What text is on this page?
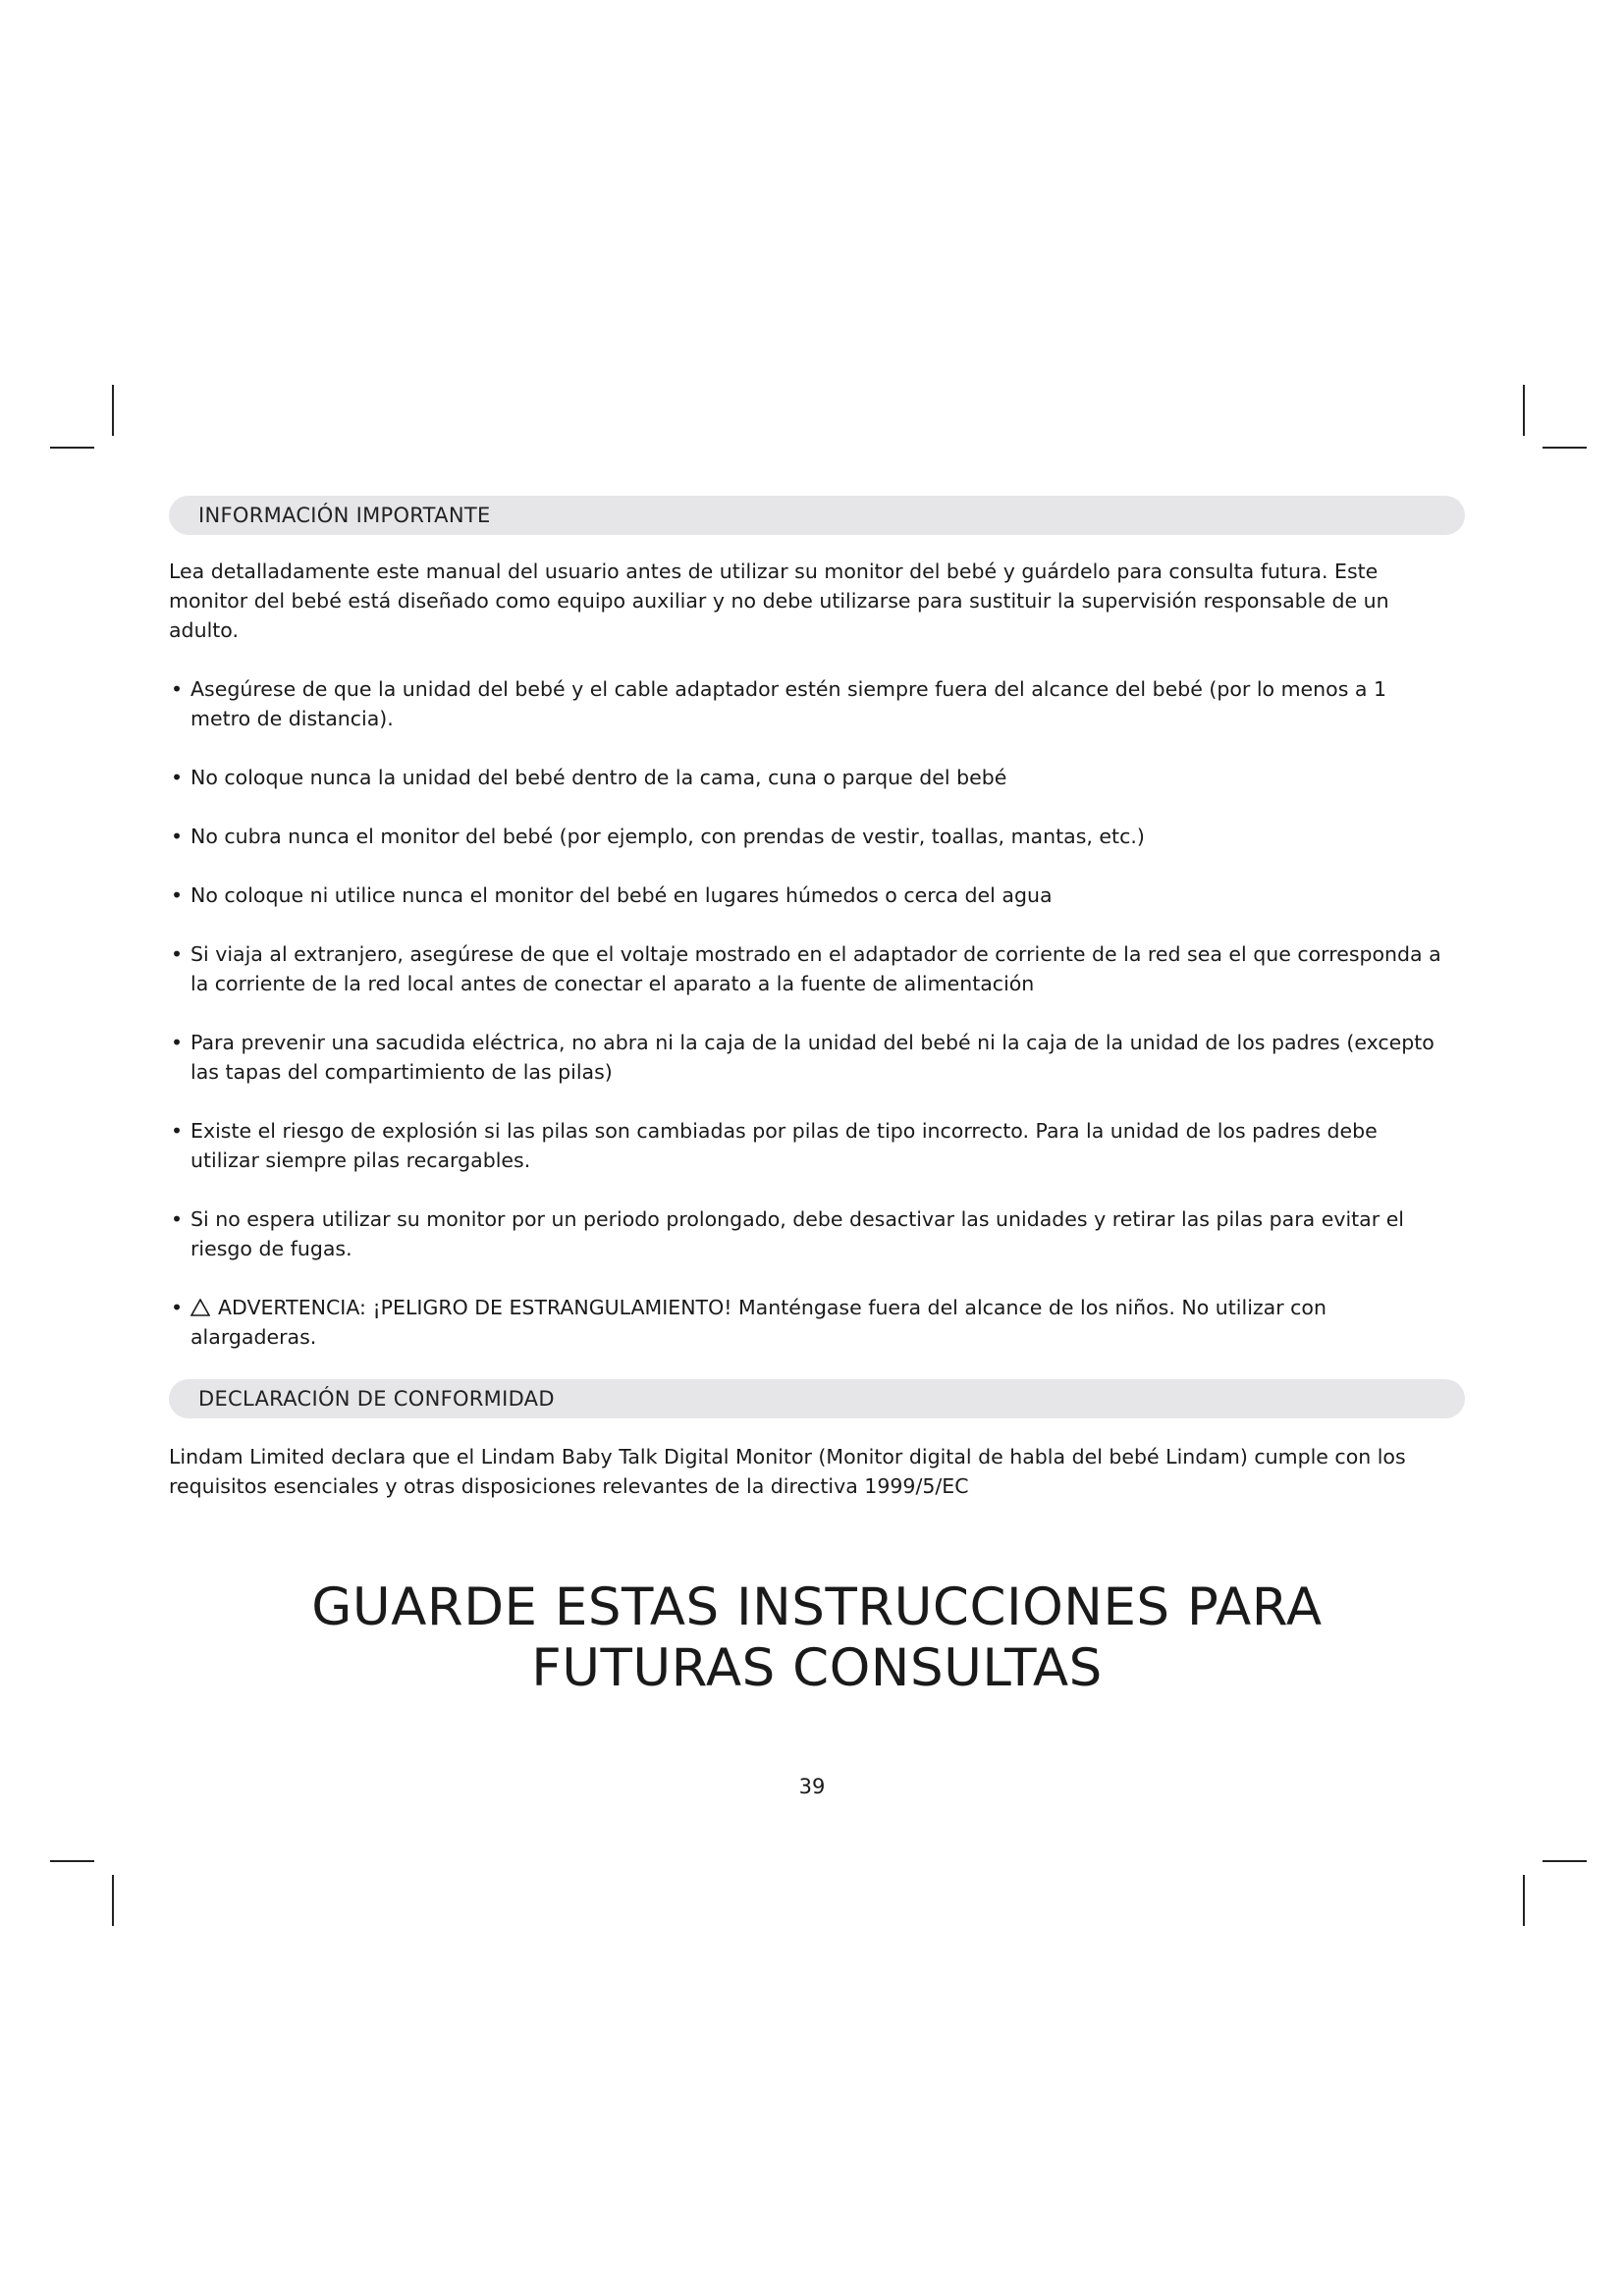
INFORMACIÓN IMPORTANTE

Lea detalladamente este manual del usuario antes de utilizar su monitor del bebé y guárdelo para consulta futura. Este monitor del bebé está diseñado como equipo auxiliar y no debe utilizarse para sustituir la supervisión responsable de un adulto.

• Asegúrese de que la unidad del bebé y el cable adaptador estén siempre fuera del alcance del bebé (por lo menos a 1 metro de distancia).
• No coloque nunca la unidad del bebé dentro de la cama, cuna o parque del bebé
• No cubra nunca el monitor del bebé (por ejemplo, con prendas de vestir, toallas, mantas, etc.)
• No coloque ni utilice nunca el monitor del bebé en lugares húmedos o cerca del agua
• Si viaja al extranjero, asegúrese de que el voltaje mostrado en el adaptador de corriente de la red sea el que corresponda a la corriente de la red local antes de conectar el aparato a la fuente de alimentación
• Para prevenir una sacudida eléctrica, no abra ni la caja de la unidad del bebé ni la caja de la unidad de los padres (excepto las tapas del compartimiento de las pilas)
• Existe el riesgo de explosión si las pilas son cambiadas por pilas de tipo incorrecto. Para la unidad de los padres debe utilizar siempre pilas recargables.
• Si no espera utilizar su monitor por un periodo prolongado, debe desactivar las unidades y retirar las pilas para evitar el riesgo de fugas.
• ADVERTENCIA: ¡PELIGRO DE ESTRANGULAMIENTO! Manténgase fuera del alcance de los niños. No utilizar con alargaderas.
DECLARACIÓN DE CONFORMIDAD

Lindam Limited declara que el Lindam Baby Talk Digital Monitor (Monitor digital de habla del bebé Lindam) cumple con los requisitos esenciales y otras disposiciones relevantes de la directiva 1999/5/EC

GUARDE ESTAS INSTRUCCIONES PARA
FUTURAS CONSULTAS
39
